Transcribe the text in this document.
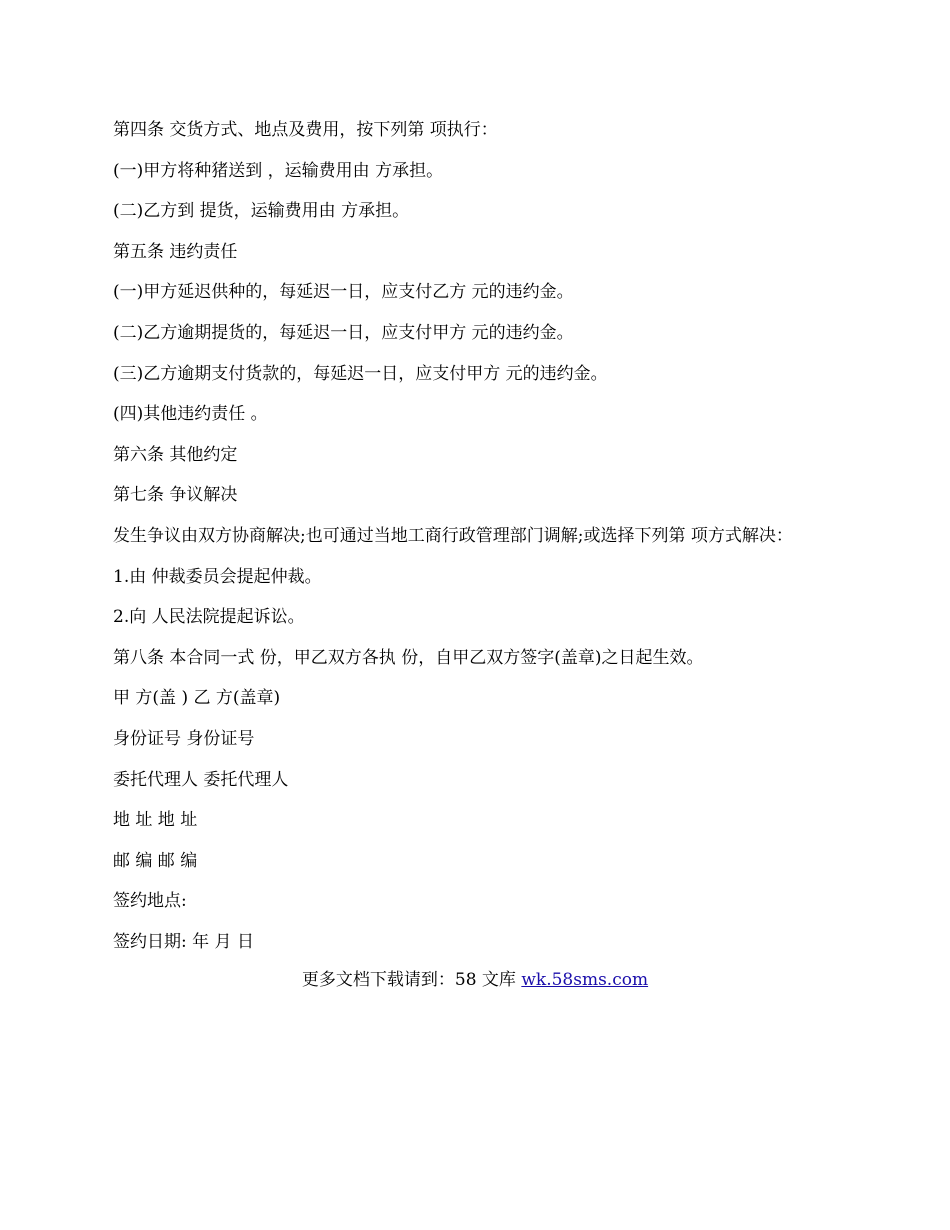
第四条 交货方式、地点及费用，按下列第 项执行：
(一)甲方将种猪送到 ，运输费用由 方承担。
(二)乙方到 提货，运输费用由 方承担。
第五条 违约责任
(一)甲方延迟供种的，每延迟一日，应支付乙方 元的违约金。
(二)乙方逾期提货的，每延迟一日，应支付甲方 元的违约金。
(三)乙方逾期支付货款的，每延迟一日，应支付甲方 元的违约金。
(四)其他违约责任 。
第六条 其他约定
第七条 争议解决
发生争议由双方协商解决;也可通过当地工商行政管理部门调解;或选择下列第 项方式解决：
1.由 仲裁委员会提起仲裁。
2.向 人民法院提起诉讼。
第八条 本合同一式 份，甲乙双方各执 份，自甲乙双方签字(盖章)之日起生效。
甲 方(盖 ) 乙 方(盖章)
身份证号 身份证号
委托代理人 委托代理人
地 址 地 址
邮 编 邮 编
签约地点:
签约日期: 年 月 日
更多文档下载请到：58 文库 wk.58sms.com
